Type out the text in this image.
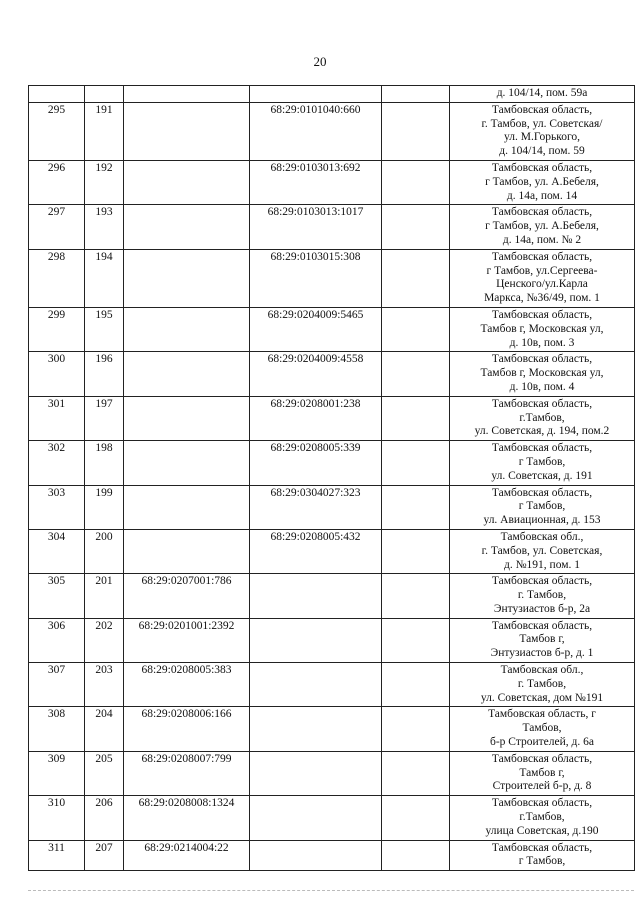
20

					д. 104/14, пом. 59а

295	191		68:29:0101040:660		Тамбовская область,
г. Тамбов, ул. Советская/
ул. М.Горького,
д. 104/14, пом. 59

296	192		68:29:0103013:692		Тамбовская область,
г Тамбов, ул. А.Бебеля,
д. 14а, пом. 14

297	193		68:29:0103013:1017		Тамбовская область,
г Тамбов, ул. А.Бебеля,
д. 14а, пом. № 2

298	194		68:29:0103015:308		Тамбовская область,
г Тамбов, ул.Сергеева-
Ценского/ул.Карла
Маркса, №36/49, пом. 1

299	195		68:29:0204009:5465		Тамбовская область,
Тамбов г, Московская ул,
д. 10в, пом. 3

300	196		68:29:0204009:4558		Тамбовская область,
Тамбов г, Московская ул,
д. 10в, пом. 4

301	197		68:29:0208001:238		Тамбовская область,
г.Тамбов,
ул. Советская, д. 194, пом.2

302	198		68:29:0208005:339		Тамбовская область,
г Тамбов,
ул. Советская, д. 191

303	199		68:29:0304027:323		Тамбовская область,
г Тамбов,
ул. Авиационная, д. 153

304	200		68:29:0208005:432		Тамбовская обл.,
г. Тамбов, ул. Советская,
д. №191, пом. 1

305	201	68:29:0207001:786			Тамбовская область,
г. Тамбов,
Энтузиастов б-р, 2а

306	202	68:29:0201001:2392			Тамбовская область,
Тамбов г,
Энтузиастов б-р, д. 1

307	203	68:29:0208005:383			Тамбовская обл.,
г. Тамбов,
ул. Советская, дом №191

308	204	68:29:0208006:166			Тамбовская область, г
Тамбов,
б-р Строителей, д. 6а

309	205	68:29:0208007:799			Тамбовская область,
Тамбов г,
Строителей б-р, д. 8

310	206	68:29:0208008:1324			Тамбовская область,
г.Тамбов,
улица Советская, д.190

311	207	68:29:0214004:22			Тамбовская область,
г Тамбов,
